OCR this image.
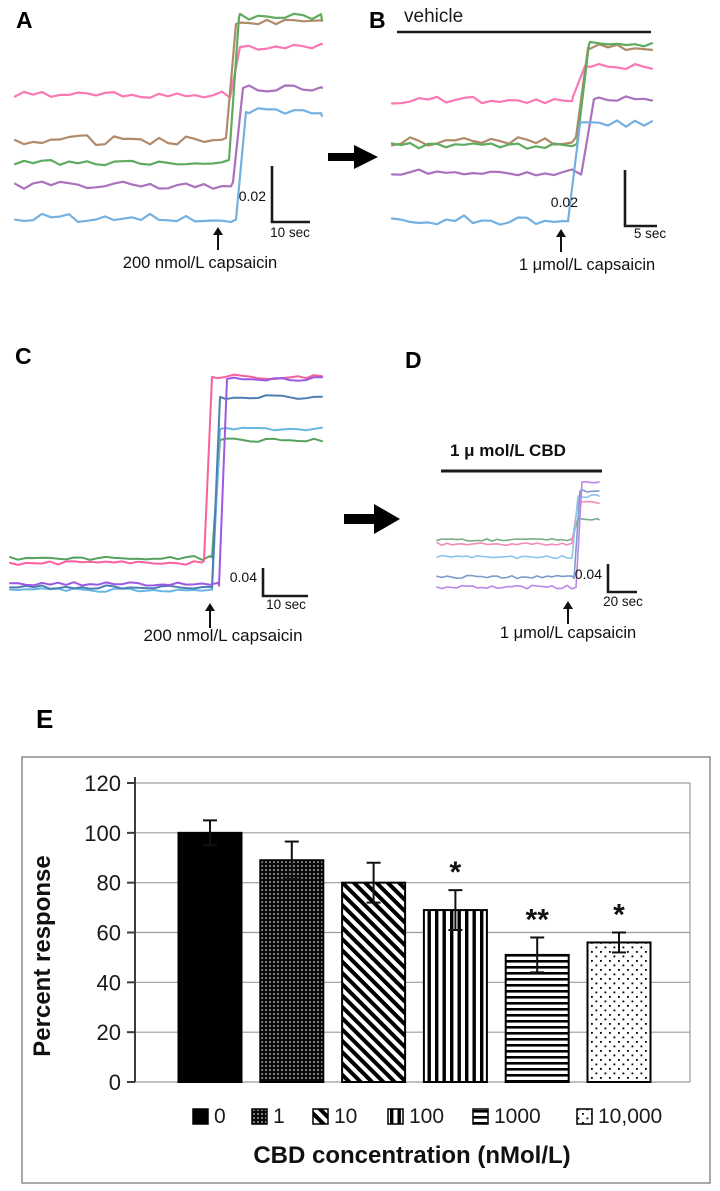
0
20
40
60
80
100
120
*
** *
0 1 10 100 1000	10,000
CBD concentration (nMol/L)
Percent response
A	B
C	D
E
vehicle
1 μ mol/L CBD
200 nmol/L capsaicin	1 μmol/L capsaicin
200 nmol/L capsaicin	1 μmol/L capsaicin
0.02
10 sec
0.02
5 sec
0.04
10 sec
0.04
20 sec
